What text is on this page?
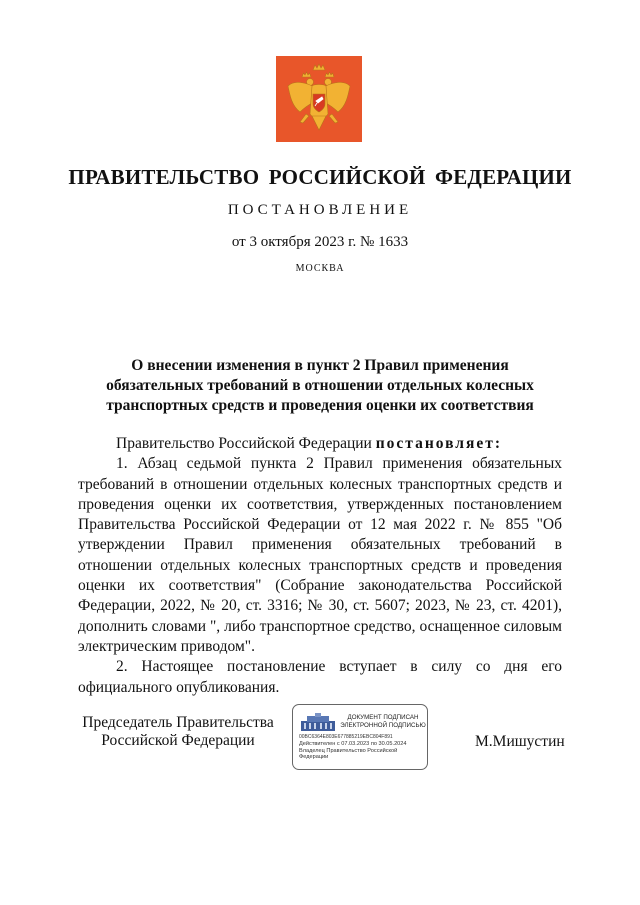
ПРАВИТЕЛЬСТВО РОССИЙСКОЙ ФЕДЕРАЦИИ
ПОСТАНОВЛЕНИЕ
от 3 октября 2023 г. № 1633
МОСКВА
О внесении изменения в пункт 2 Правил применения
обязательных требований в отношении отдельных колесных
транспортных средств и проведения оценки их соответствия

Правительство Российской Федерации постановляет:

1. Абзац седьмой пункта 2 Правил применения обязательных требований в отношении отдельных колесных транспортных средств и проведения оценки их соответствия, утвержденных постановлением Правительства Российской Федерации от 12 мая 2022 г. № 855 "Об утверждении Правил применения обязательных требований в отношении отдельных колесных транспортных средств и проведения оценки их соответствия" (Собрание законодательства Российской Федерации, 2022, № 20, ст. 3316; № 30, ст. 5607; 2023, № 23, ст. 4201), дополнить словами ", либо транспортное средство, оснащенное силовым электрическим приводом".

2. Настоящее постановление вступает в силу со дня его официального опубликования.

Председатель Правительства
Российской Федерации
ДОКУМЕНТ ПОДПИСАН
ЭЛЕКТРОННОЙ ПОДПИСЬЮ
00BC6364E803E677885219EBC804F891
Действителен с 07.03.2023 по 30.05.2024
Владелец Правительство Российской
Федерации
М.Мишустин
